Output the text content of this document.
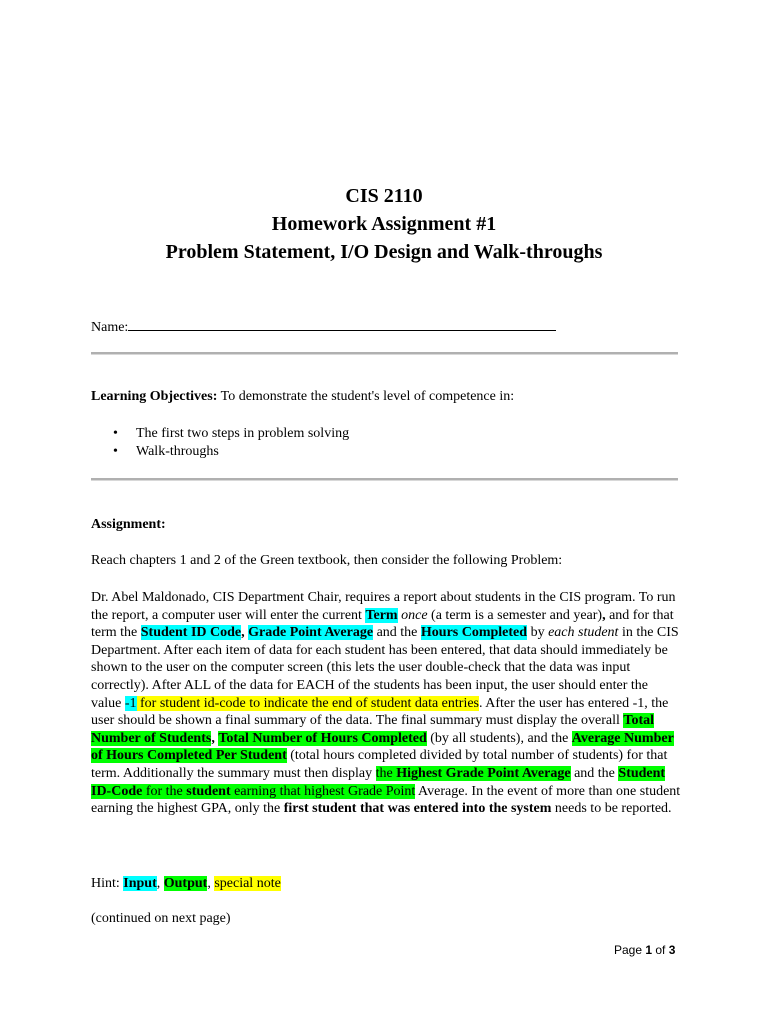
CIS 2110
Homework Assignment #1
Problem Statement, I/O Design and Walk-throughs
Name:
Learning Objectives: To demonstrate the student's level of competence in:
• The first two steps in problem solving
• Walk-throughs
Assignment:
Reach chapters 1 and 2 of the Green textbook, then consider the following Problem:
Dr. Abel Maldonado, CIS Department Chair, requires a report about students in the CIS program. To run the report, a computer user will enter the current Term once (a term is a semester and year), and for that term the Student ID Code, Grade Point Average and the Hours Completed by each student in the CIS Department. After each item of data for each student has been entered, that data should immediately be shown to the user on the computer screen (this lets the user double-check that the data was input correctly). After ALL of the data for EACH of the students has been input, the user should enter the value -1 for student id-code to indicate the end of student data entries. After the user has entered -1, the user should be shown a final summary of the data. The final summary must display the overall Total Number of Students, Total Number of Hours Completed (by all students), and the Average Number of Hours Completed Per Student (total hours completed divided by total number of students) for that term. Additionally the summary must then display the Highest Grade Point Average and the Student ID-Code for the student earning that highest Grade Point Average. In the event of more than one student earning the highest GPA, only the first student that was entered into the system needs to be reported.
Hint: Input, Output, special note
(continued on next page)
Page 1 of 3
